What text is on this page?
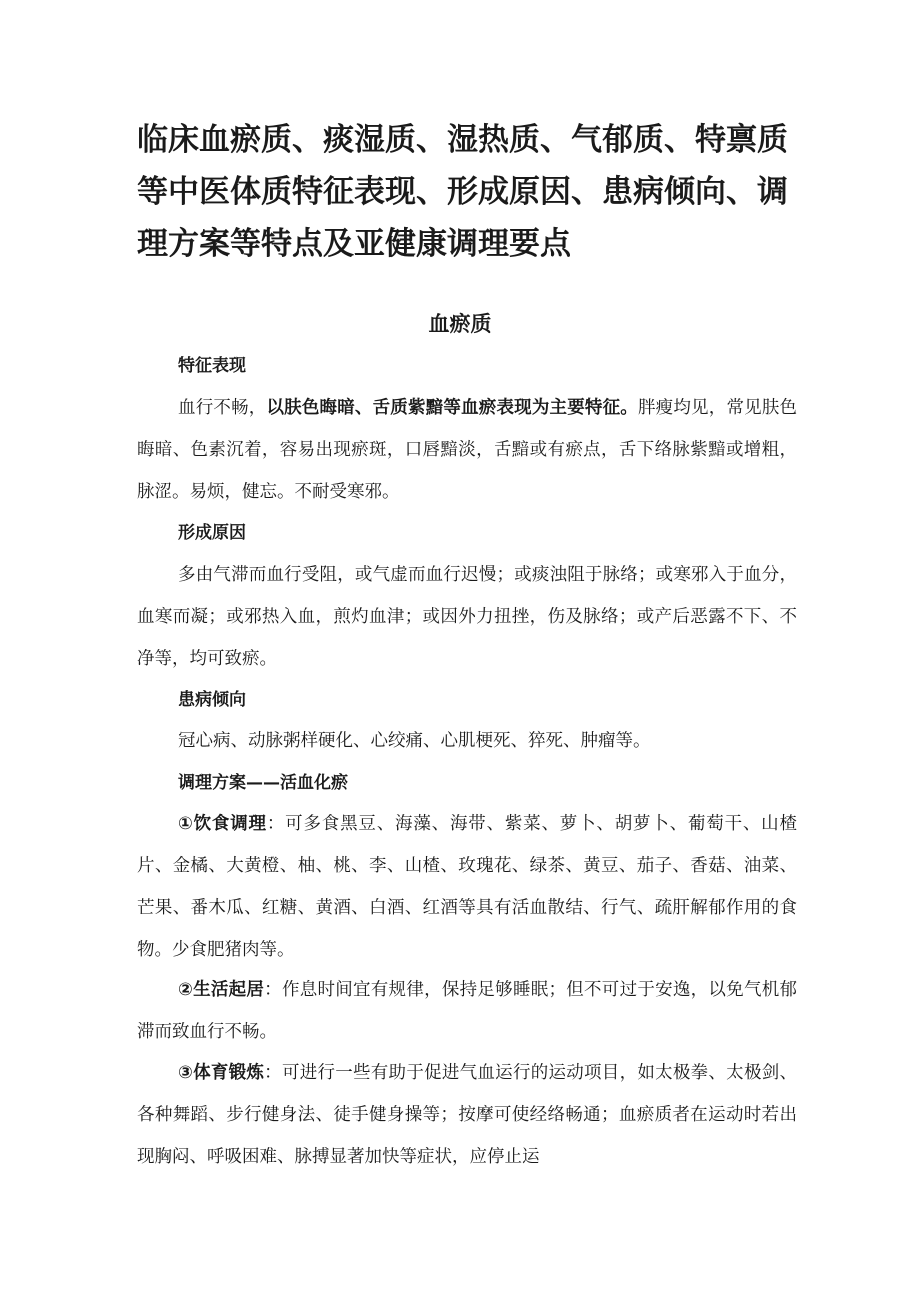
临床血瘀质、痰湿质、湿热质、气郁质、特禀质等中医体质特征表现、形成原因、患病倾向、调理方案等特点及亚健康调理要点
血瘀质
特征表现

血行不畅，以肤色晦暗、舌质紫黯等血瘀表现为主要特征。胖瘦均见，常见肤色晦暗、色素沉着，容易出现瘀斑，口唇黯淡，舌黯或有瘀点，舌下络脉紫黯或增粗，脉涩。易烦，健忘。不耐受寒邪。

形成原因

多由气滞而血行受阻，或气虚而血行迟慢；或痰浊阻于脉络；或寒邪入于血分，血寒而凝；或邪热入血，煎灼血津；或因外力扭挫，伤及脉络；或产后恶露不下、不净等，均可致瘀。

患病倾向

冠心病、动脉粥样硬化、心绞痛、心肌梗死、猝死、肿瘤等。

调理方案——活血化瘀

①饮食调理：可多食黑豆、海藻、海带、紫菜、萝卜、胡萝卜、葡萄干、山楂片、金橘、大黄橙、柚、桃、李、山楂、玫瑰花、绿茶、黄豆、茄子、香菇、油菜、芒果、番木瓜、红糖、黄酒、白酒、红酒等具有活血散结、行气、疏肝解郁作用的食物。少食肥猪肉等。

②生活起居：作息时间宜有规律，保持足够睡眠；但不可过于安逸，以免气机郁滞而致血行不畅。

③体育锻炼：可进行一些有助于促进气血运行的运动项目，如太极拳、太极剑、各种舞蹈、步行健身法、徒手健身操等；按摩可使经络畅通；血瘀质者在运动时若出现胸闷、呼吸困难、脉搏显著加快等症状，应停止运
